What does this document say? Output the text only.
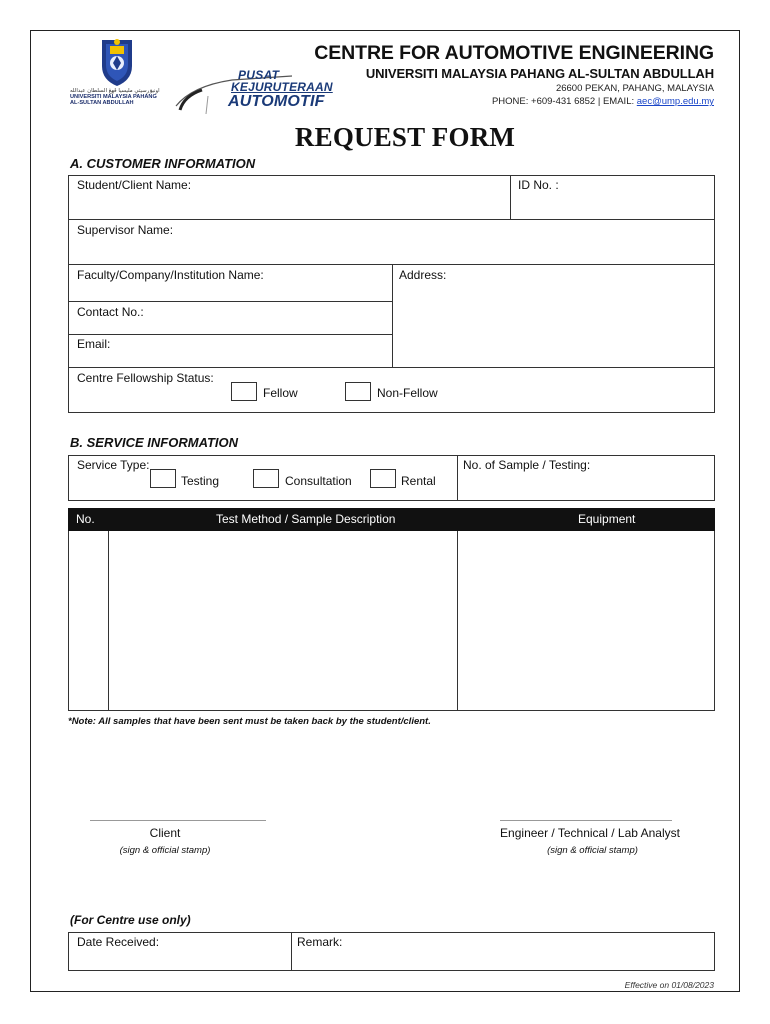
اونيۏرسيتي مليسيا ڤهڠ السلطان عبدالله
UNIVERSITI MALAYSIA PAHANG
AL-SULTAN ABDULLAH
PUSAT
KEJURUTERAAN
AUTOMOTIF
CENTRE FOR AUTOMOTIVE ENGINEERING
UNIVERSITI MALAYSIA PAHANG AL-SULTAN ABDULLAH
26600 PEKAN, PAHANG, MALAYSIA
PHONE: +609-431 6852 | EMAIL: aec@ump.edu.my
REQUEST FORM
A. CUSTOMER INFORMATION
Student/Client Name:	ID No. :
Supervisor Name:
Faculty/Company/Institution Name:	Address:
Contact No.:
Email:
Centre Fellowship Status:
Fellow	Non-Fellow
B. SERVICE INFORMATION
Service Type:
Testing	Consultation	Rental
No. of Sample / Testing:
No.	Test Method / Sample Description	Equipment
*Note: All samples that have been sent must be taken back by the student/client.
Client
(sign & official stamp)
Engineer / Technical / Lab Analyst
(sign & official stamp)
(For Centre use only)
Date Received:	Remark:
Effective on 01/08/2023
